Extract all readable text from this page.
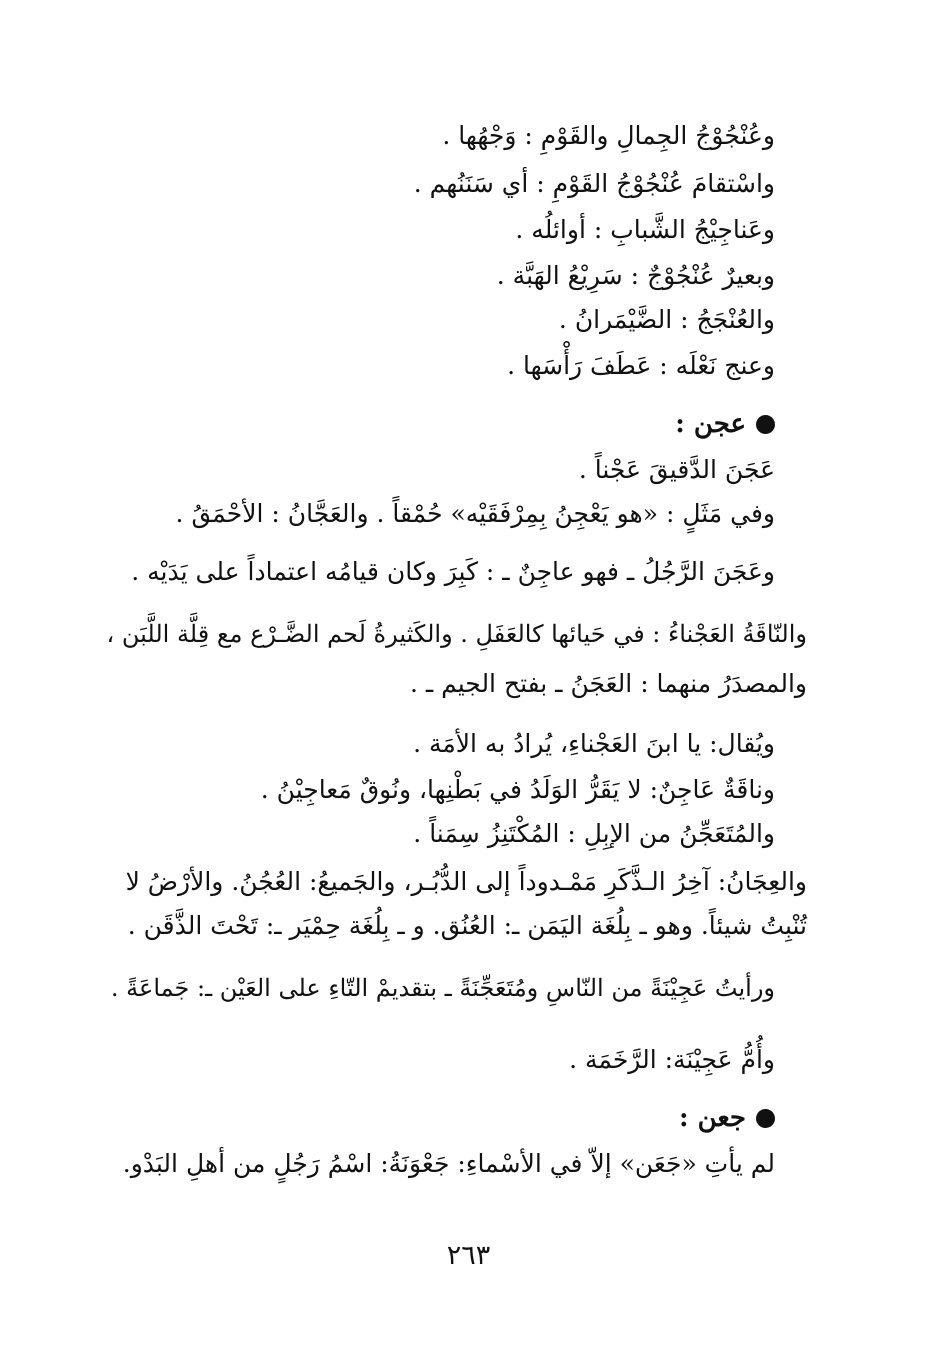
وعُنْجُوْجُ الجِمالِ والقَوْمِ : وَجْهُها .
واسْتقامَ عُنْجُوْجُ القَوْمِ : أي سَنَنُهم .
وعَناجِيْجُ الشَّبابِ : أوائلُه .
وبعيرٌ عُنْجُوْجٌ : سَرِيْعُ الهَبَّة .
والعُنْجَجُ : الضَّيْمَرانُ .
وعنج نَعْلَه : عَطَفَ رَأْسَها .
عجن :
عَجَنَ الدَّقيقَ عَجْناً .
وفي مَثَلٍ : «هو يَعْجِنُ بِمِرْفَقَيْه» حُمْقاً . والعَجَّانُ : الأحْمَقُ .
وعَجَنَ الرَّجُلُ ـ فهو عاجِنٌ ـ : كَبِرَ وكان قيامُه اعتماداً على يَدَيْه .
والنّاقَةُ العَجْناءُ : في حَيائها كالعَفَلِ . والكَثيرةُ لَحم الضَّـرْع مع قِلَّة اللَّبَن ،
والمصدَرُ منهما : العَجَنُ ـ بفتح الجيم ـ .
ويُقال: يا ابنَ العَجْناءِ، يُرادُ به الأمَة .
وناقَةٌ عَاجِنٌ: لا يَقَرُّ الوَلَدُ في بَطْنِها، ونُوقٌ مَعاجِيْنُ .
والمُتَعَجِّنُ من الإبِلِ : المُكْتَنِزُ سِمَناً .
والعِجَانُ: آخِرُ الـذَّكَرِ مَمْـدوداً إلى الدُّبُـر، والجَميعُ: العُجُنُ. والأرْضُ لا
تُنْبِتُ شيئاً. وهو ـ بِلُغَة اليَمَن ـ: العُنُق. و ـ بِلُغَة حِمْيَر ـ: تَحْتَ الذَّقَن .
ورأيتُ عَجِيْنَةً من النّاسِ ومُتَعَجِّنَةً ـ بتقديمْ التّاءِ على العَيْن ـ: جَماعَةً .
وأُمُّ عَجِيْنَة: الرَّخَمَة .
جعن :
لم يأتِ «جَعَن» إلاّ في الأسْماءِ: جَعْوَنَةُ: اسْمُ رَجُلٍ من أهلِ البَدْو.
٢٦٣
